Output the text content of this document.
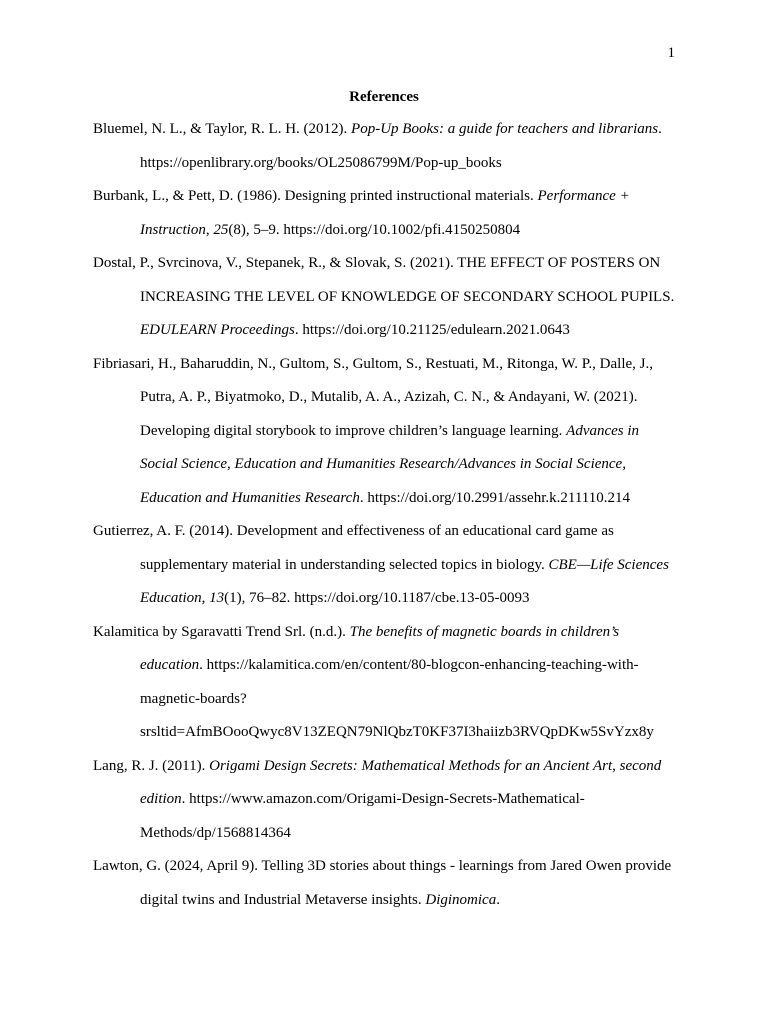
1
References

Bluemel, N. L., & Taylor, R. L. H. (2012). Pop-Up Books: a guide for teachers and librarians. https://openlibrary.org/books/OL25086799M/Pop-up_books

Burbank, L., & Pett, D. (1986). Designing printed instructional materials. Performance + Instruction, 25(8), 5–9. https://doi.org/10.1002/pfi.4150250804

Dostal, P., Svrcinova, V., Stepanek, R., & Slovak, S. (2021). THE EFFECT OF POSTERS ON INCREASING THE LEVEL OF KNOWLEDGE OF SECONDARY SCHOOL PUPILS. EDULEARN Proceedings. https://doi.org/10.21125/edulearn.2021.0643

Fibriasari, H., Baharuddin, N., Gultom, S., Gultom, S., Restuati, M., Ritonga, W. P., Dalle, J., Putra, A. P., Biyatmoko, D., Mutalib, A. A., Azizah, C. N., & Andayani, W. (2021). Developing digital storybook to improve children’s language learning. Advances in Social Science, Education and Humanities Research/Advances in Social Science, Education and Humanities Research. https://doi.org/10.2991/assehr.k.211110.214

Gutierrez, A. F. (2014). Development and effectiveness of an educational card game as supplementary material in understanding selected topics in biology. CBE—Life Sciences Education, 13(1), 76–82. https://doi.org/10.1187/cbe.13-05-0093

Kalamitica by Sgaravatti Trend Srl. (n.d.). The benefits of magnetic boards in children’s education. https://kalamitica.com/en/content/80-blogcon-enhancing-teaching-with-magnetic-boards?
srsltid=AfmBOooQwyc8V13ZEQN79NlQbzT0KF37I3haiizb3RVQpDKw5SvYzx8y

Lang, R. J. (2011). Origami Design Secrets: Mathematical Methods for an Ancient Art, second edition. https://www.amazon.com/Origami-Design-Secrets-Mathematical-Methods/dp/1568814364

Lawton, G. (2024, April 9). Telling 3D stories about things - learnings from Jared Owen provide digital twins and Industrial Metaverse insights. Diginomica.
